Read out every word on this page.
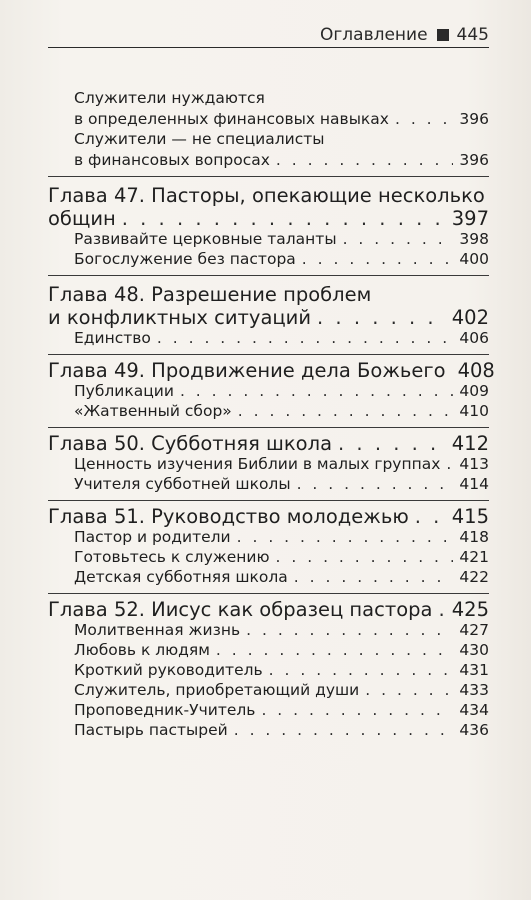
Оглавление 445
Служители нуждаются
в определенных финансовых навыках . . .	396
Служители — не специалисты
в финансовых вопросах . . .	396
Глава 47. Пасторы, опекающие несколько
общин . . .	397
Развивайте церковные таланты . . .	398
Богослужение без пастора . . .	400
Глава 48. Разрешение проблем
и конфликтных ситуаций . . .	402
Единство . . .	406
Глава 49. Продвижение дела Божьего 408
Публикации . . .	409
«Жатвенный сбор» . . .	410
Глава 50. Субботняя школа . . .	412
Ценность изучения Библии в малых группах . . . 413
Учителя субботней школы . . .	414
Глава 51. Руководство молодежью . . . 415
Пастор и родители . . .	418
Готовьтесь к служению . . .	421
Детская субботняя школа . . .	422
Глава 52. Иисус как образец пастора . . . 425
Молитвенная жизнь . . .	427
Любовь к людям . . .	430
Кроткий руководитель . . .	431
Служитель, приобретающий души . . .	433
Проповедник-Учитель . . .	434
Пастырь пастырей . . .	436
